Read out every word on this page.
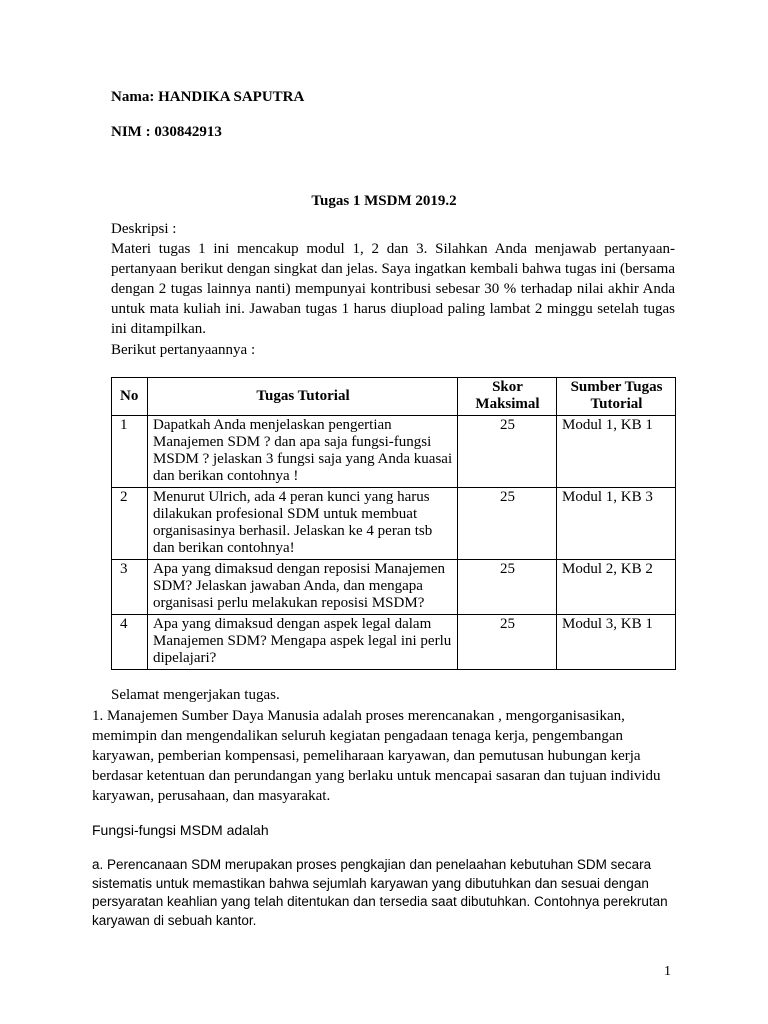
Nama: HANDIKA SAPUTRA

NIM : 030842913

Tugas 1 MSDM 2019.2

Deskripsi :

Materi tugas 1 ini mencakup modul 1, 2 dan 3. Silahkan Anda menjawab pertanyaan-pertanyaan berikut dengan singkat dan jelas. Saya ingatkan kembali bahwa tugas ini (bersama dengan 2 tugas lainnya nanti) mempunyai kontribusi sebesar 30 % terhadap nilai akhir Anda untuk mata kuliah ini. Jawaban tugas 1 harus diupload paling lambat 2 minggu setelah tugas ini ditampilkan.

Berikut pertanyaannya :

No	Tugas Tutorial	Skor Maksimal	Sumber Tugas Tutorial
1	Dapatkah Anda menjelaskan pengertian Manajemen SDM ? dan apa saja fungsi-fungsi MSDM ? jelaskan 3 fungsi saja yang Anda kuasai dan berikan contohnya !	25	Modul 1, KB 1
2	Menurut Ulrich, ada 4 peran kunci yang harus dilakukan profesional SDM untuk membuat organisasinya berhasil. Jelaskan ke 4 peran tsb dan berikan contohnya!	25	Modul 1, KB 3
3	Apa yang dimaksud dengan reposisi Manajemen SDM? Jelaskan jawaban Anda, dan mengapa organisasi perlu melakukan reposisi MSDM?	25	Modul 2, KB 2
4	Apa yang dimaksud dengan aspek legal dalam Manajemen SDM? Mengapa aspek legal ini perlu dipelajari?	25	Modul 3, KB 1

Selamat mengerjakan tugas.

1. Manajemen Sumber Daya Manusia adalah proses merencanakan , mengorganisasikan, memimpin dan mengendalikan seluruh kegiatan pengadaan tenaga kerja, pengembangan karyawan, pemberian kompensasi, pemeliharaan karyawan, dan pemutusan hubungan kerja berdasar ketentuan dan perundangan yang berlaku untuk mencapai sasaran dan tujuan individu karyawan, perusahaan, dan masyarakat.

Fungsi-fungsi MSDM adalah

a. Perencanaan SDM merupakan proses pengkajian dan penelaahan kebutuhan SDM secara sistematis untuk memastikan bahwa sejumlah karyawan yang dibutuhkan dan sesuai dengan persyaratan keahlian yang telah ditentukan dan tersedia saat dibutuhkan. Contohnya perekrutan karyawan di sebuah kantor.

1
